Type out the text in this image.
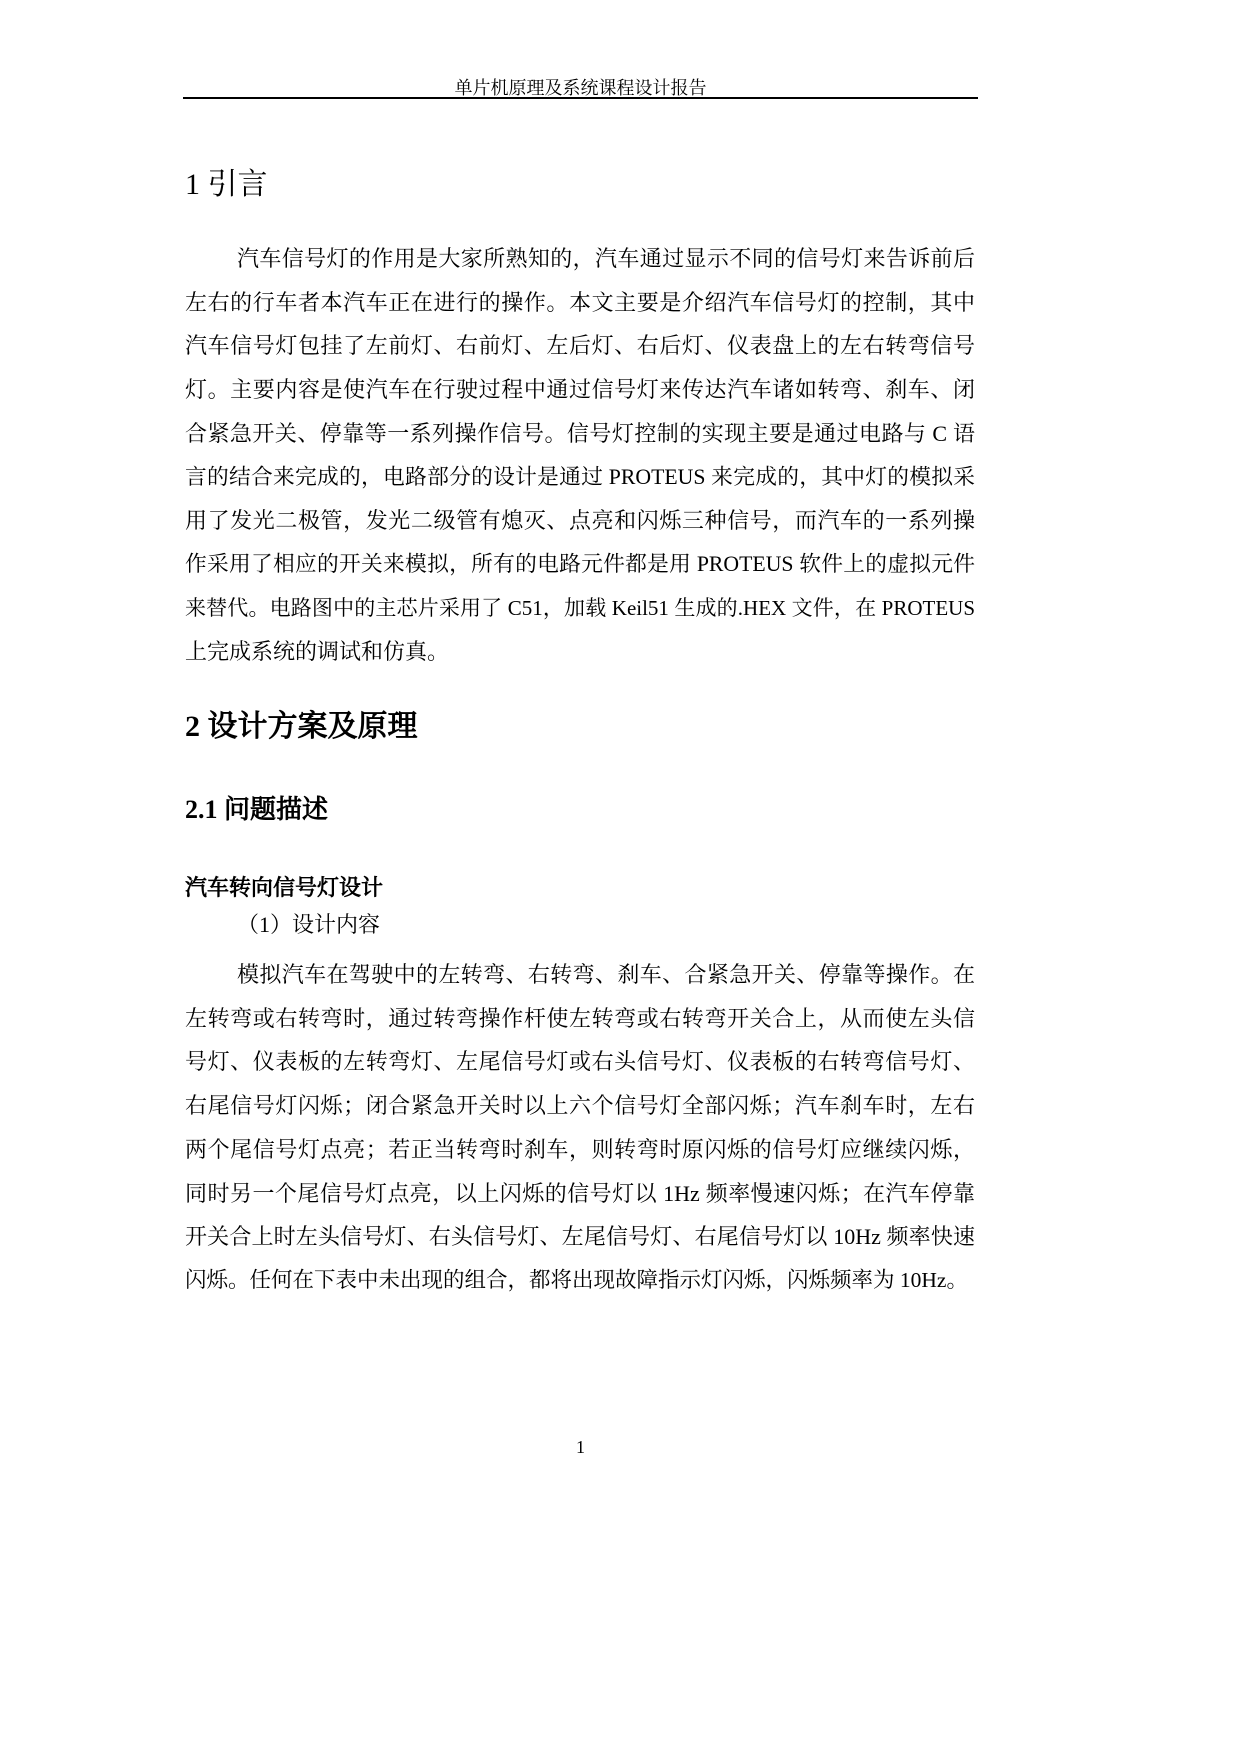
单片机原理及系统课程设计报告
1 引言
汽车信号灯的作用是大家所熟知的，汽车通过显示不同的信号灯来告诉前后
左右的行车者本汽车正在进行的操作。本文主要是介绍汽车信号灯的控制，其中
汽车信号灯包挂了左前灯、右前灯、左后灯、右后灯、仪表盘上的左右转弯信号
灯。主要内容是使汽车在行驶过程中通过信号灯来传达汽车诸如转弯、刹车、闭
合紧急开关、停靠等一系列操作信号。信号灯控制的实现主要是通过电路与 C 语
言的结合来完成的，电路部分的设计是通过 PROTEUS 来完成的，其中灯的模拟采
用了发光二极管，发光二级管有熄灭、点亮和闪烁三种信号，而汽车的一系列操
作采用了相应的开关来模拟，所有的电路元件都是用 PROTEUS 软件上的虚拟元件
来替代。电路图中的主芯片采用了 C51，加载 Keil51 生成的.HEX 文件，在 PROTEUS
上完成系统的调试和仿真。
2 设计方案及原理
2.1 问题描述
汽车转向信号灯设计
（1）设计内容
模拟汽车在驾驶中的左转弯、右转弯、刹车、合紧急开关、停靠等操作。在
左转弯或右转弯时，通过转弯操作杆使左转弯或右转弯开关合上，从而使左头信
号灯、仪表板的左转弯灯、左尾信号灯或右头信号灯、仪表板的右转弯信号灯、
右尾信号灯闪烁；闭合紧急开关时以上六个信号灯全部闪烁；汽车刹车时，左右
两个尾信号灯点亮；若正当转弯时刹车，则转弯时原闪烁的信号灯应继续闪烁，
同时另一个尾信号灯点亮，以上闪烁的信号灯以 1Hz 频率慢速闪烁；在汽车停靠
开关合上时左头信号灯、右头信号灯、左尾信号灯、右尾信号灯以 10Hz 频率快速
闪烁。任何在下表中未出现的组合，都将出现故障指示灯闪烁，闪烁频率为 10Hz。
1
